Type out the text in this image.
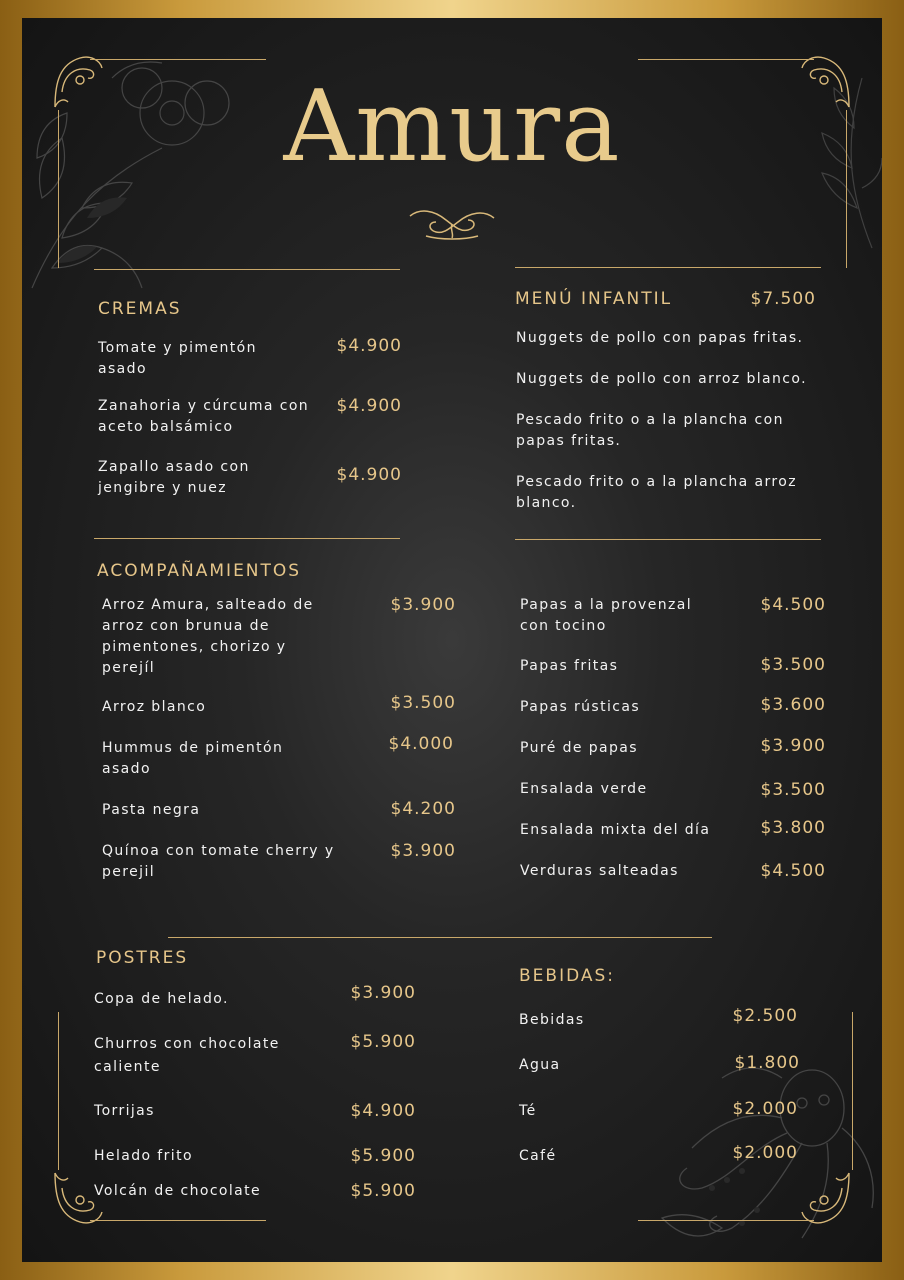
Amura
CREMAS
Tomate y pimentón asado
$4.900
Zanahoria y cúrcuma con aceto balsámico
$4.900
Zapallo asado con jengibre y nuez
$4.900
MENÚ INFANTIL	$7.500
Nuggets de pollo con papas fritas.
Nuggets de pollo con arroz blanco.
Pescado frito o a la plancha con papas fritas.
Pescado frito o a la plancha arroz blanco.
ACOMPAÑAMIENTOS
Arroz Amura, salteado de arroz con brunua de pimentones, chorizo y perejíl
$3.900
Arroz blanco	$3.500
Hummus de pimentón asado
$4.000
Pasta negra	$4.200
Quínoa con tomate cherry y perejil
$3.900
Papas a la provenzal con tocino
$4.500
Papas fritas	$3.500
Papas rústicas	$3.600
Puré de papas	$3.900
Ensalada verde	$3.500
Ensalada mixta del día	$3.800
Verduras salteadas	$4.500
POSTRES
Copa de helado.	$3.900
Churros con chocolate caliente
$5.900
Torrijas	$4.900
Helado frito	$5.900
Volcán de chocolate	$5.900
BEBIDAS:
Bebidas	$2.500
Agua	$1.800
Té	$2.000
Café	$2.000
